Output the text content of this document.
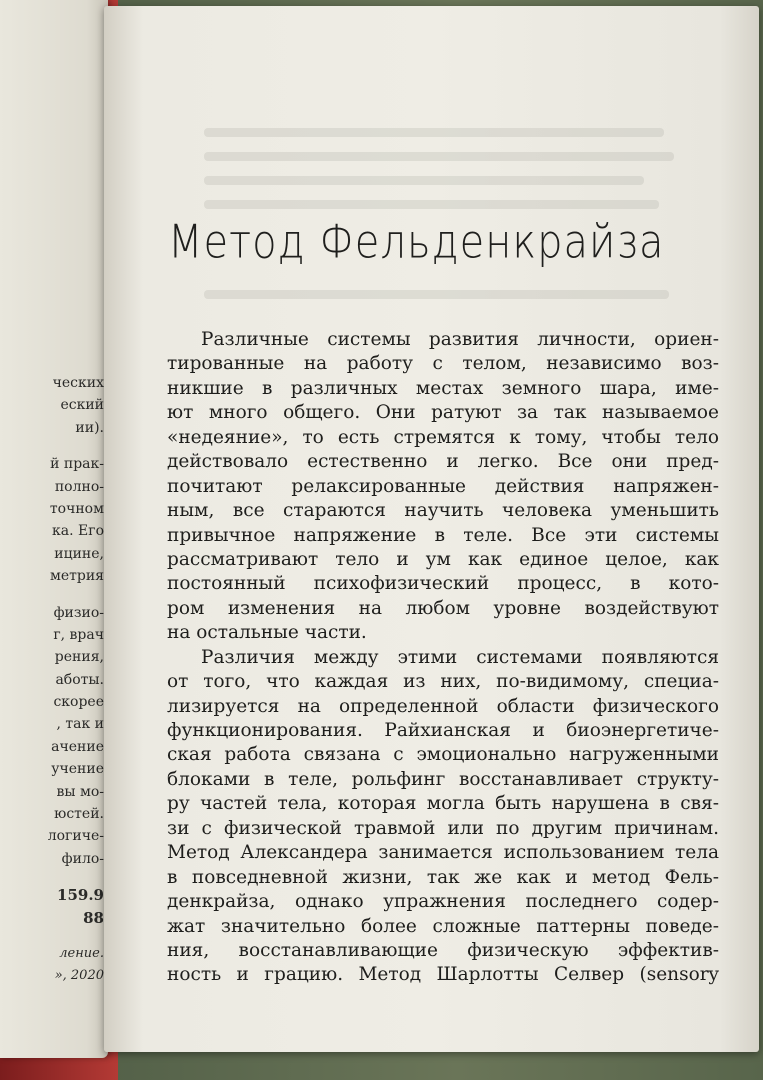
ческих
еский
ии).
й прак-
полно-
точном
ка. Его
ицине,
метрия
физио-
г, врач
рения,
аботы.
скорее
, так и
ачение
учение
вы мо-
юстей.
логиче-
фило-
159.9
88
ление.
», 2020
Метод Фельденкрайза
Различные системы развития личности, ориен-
тированные на работу с телом, независимо воз-
никшие в различных местах земного шара, име-
ют много общего. Они ратуют за так называемое
«недеяние», то есть стремятся к тому, чтобы тело
действовало естественно и легко. Все они пред-
почитают релаксированные действия напряжен-
ным, все стараются научить человека уменьшить
привычное напряжение в теле. Все эти системы
рассматривают тело и ум как единое целое, как
постоянный психофизический процесс, в кото-
ром изменения на любом уровне воздействуют
на остальные части.
Различия между этими системами появляются
от того, что каждая из них, по-видимому, специа-
лизируется на определенной области физического
функционирования. Райхианская и биоэнергетиче-
ская работа связана с эмоционально нагруженными
блоками в теле, рольфинг восстанавливает структу-
ру частей тела, которая могла быть нарушена в свя-
зи с физической травмой или по другим причинам.
Метод Александера занимается использованием тела
в повседневной жизни, так же как и метод Фель-
денкрайза, однако упражнения последнего содер-
жат значительно более сложные паттерны поведе-
ния, восстанавливающие физическую эффектив-
ность и грацию. Метод Шарлотты Селвер (sensory
